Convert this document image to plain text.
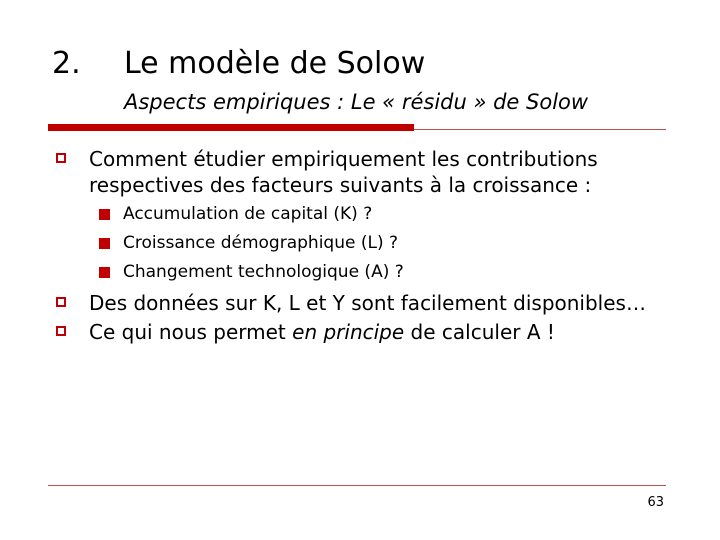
2. Le modèle de Solow
Aspects empiriques : Le « résidu » de Solow
Comment étudier empiriquement les contributions respectives des facteurs suivants à la croissance :
Accumulation de capital (K) ?
Croissance démographique (L) ?
Changement technologique (A) ?
Des données sur K, L et Y sont facilement disponibles…
Ce qui nous permet en principe de calculer A !
63
